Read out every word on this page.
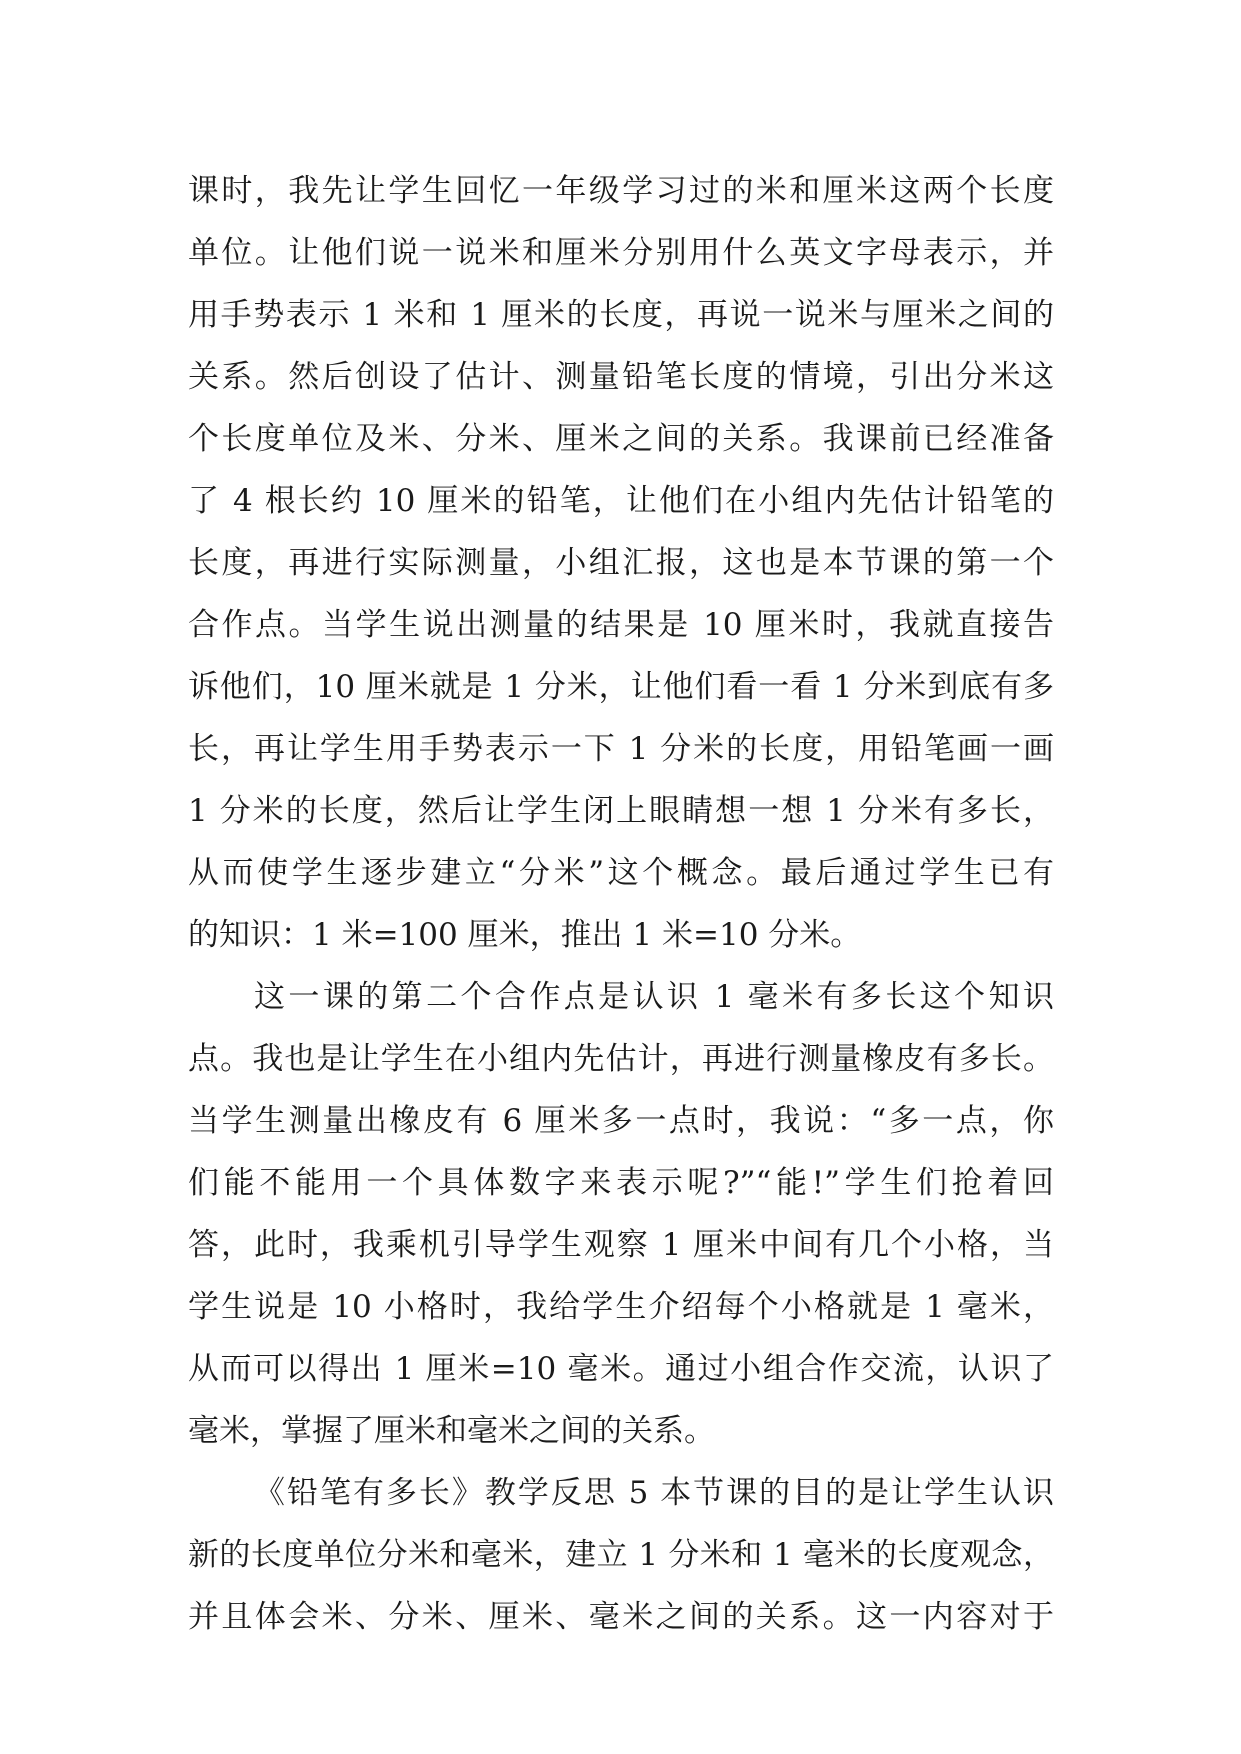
课时，我先让学生回忆一年级学习过的米和厘米这两个长度
单位。让他们说一说米和厘米分别用什么英文字母表示，并
用手势表示 1 米和 1 厘米的长度，再说一说米与厘米之间的
关系。然后创设了估计、测量铅笔长度的情境，引出分米这
个长度单位及米、分米、厘米之间的关系。我课前已经准备
了 4 根长约 10 厘米的铅笔，让他们在小组内先估计铅笔的
长度，再进行实际测量，小组汇报，这也是本节课的第一个
合作点。当学生说出测量的结果是 10 厘米时，我就直接告
诉他们，10 厘米就是 1 分米，让他们看一看 1 分米到底有多
长，再让学生用手势表示一下 1 分米的长度，用铅笔画一画
1 分米的长度，然后让学生闭上眼睛想一想 1 分米有多长，
从而使学生逐步建立“分米”这个概念。最后通过学生已有
的知识：1 米=100 厘米，推出 1 米=10 分米。
这一课的第二个合作点是认识 1 毫米有多长这个知识
点。我也是让学生在小组内先估计，再进行测量橡皮有多长。
当学生测量出橡皮有 6 厘米多一点时，我说：“多一点，你
们能不能用一个具体数字来表示呢?”“能!”学生们抢着回
答，此时，我乘机引导学生观察 1 厘米中间有几个小格，当
学生说是 10 小格时，我给学生介绍每个小格就是 1 毫米，
从而可以得出 1 厘米=10 毫米。通过小组合作交流，认识了
毫米，掌握了厘米和毫米之间的关系。
《铅笔有多长》教学反思 5 本节课的目的是让学生认识
新的长度单位分米和毫米，建立 1 分米和 1 毫米的长度观念，
并且体会米、分米、厘米、毫米之间的关系。这一内容对于
